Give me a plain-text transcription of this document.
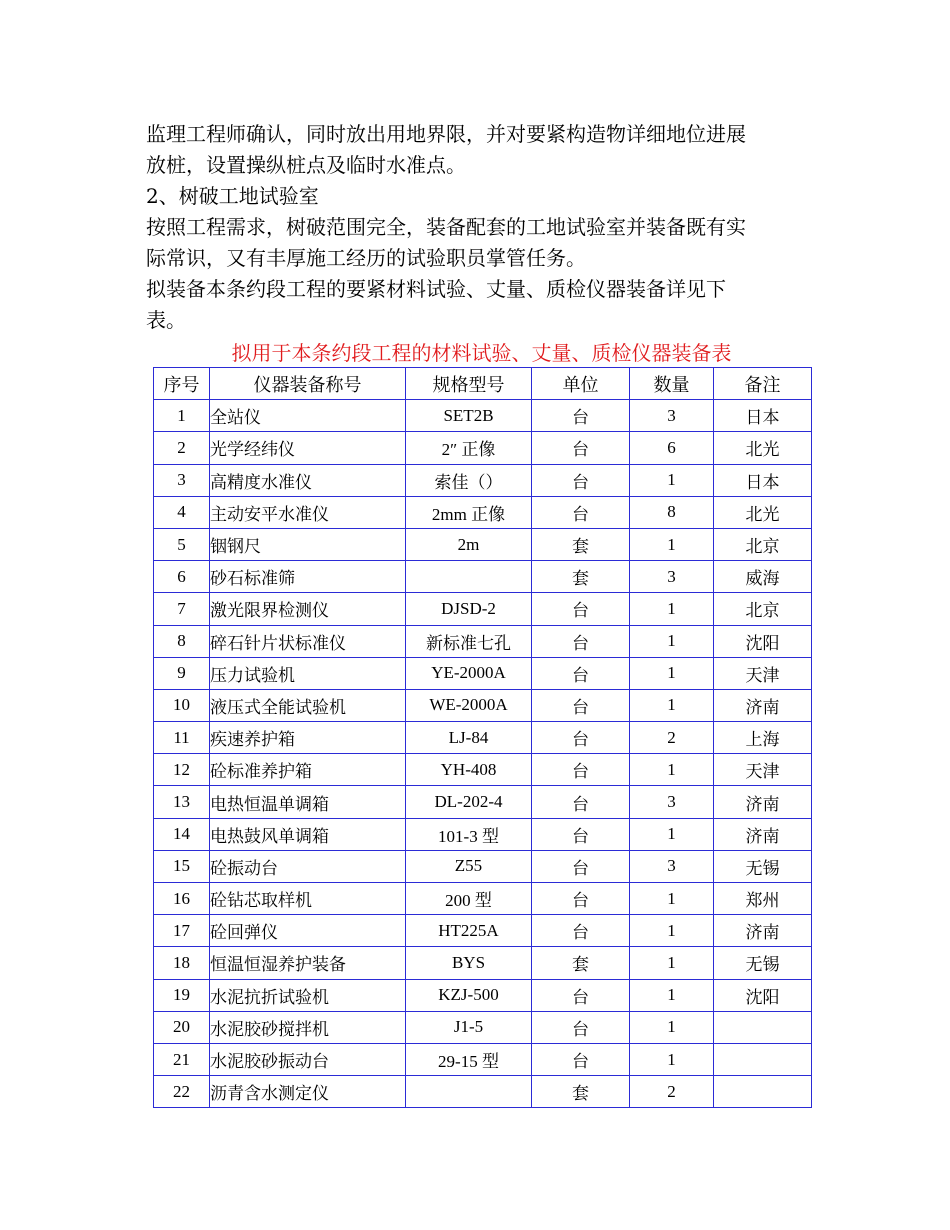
监理工程师确认，同时放出用地界限，并对要紧构造物详细地位进展
放桩，设置操纵桩点及临时水准点。
2、树破工地试验室
按照工程需求，树破范围完全，装备配套的工地试验室并装备既有实
际常识，又有丰厚施工经历的试验职员掌管任务。
拟装备本条约段工程的要紧材料试验、丈量、质检仪器装备详见下
表。
拟用于本条约段工程的材料试验、丈量、质检仪器装备表
序号	仪器装备称号	规格型号	单位	数量	备注
1	全站仪	SET2B	台	3	日本
2	光学经纬仪	2″ 正像	台	6	北光
3	高精度水准仪	索佳（）	台	1	日本
4	主动安平水准仪	2mm 正像	台	8	北光
5	铟钢尺	2m	套	1	北京
6	砂石标准筛		套	3	威海
7	激光限界检测仪	DJSD-2	台	1	北京
8	碎石针片状标准仪	新标准七孔	台	1	沈阳
9	压力试验机	YE-2000A	台	1	天津
10	液压式全能试验机	WE-2000A	台	1	济南
11	疾速养护箱	LJ-84	台	2	上海
12	砼标准养护箱	YH-408	台	1	天津
13	电热恒温单调箱	DL-202-4	台	3	济南
14	电热鼓风单调箱	101-3 型	台	1	济南
15	砼振动台	Z55	台	3	无锡
16	砼钻芯取样机	200 型	台	1	郑州
17	砼回弹仪	HT225A	台	1	济南
18	恒温恒湿养护装备	BYS	套	1	无锡
19	水泥抗折试验机	KZJ-500	台	1	沈阳
20	水泥胶砂搅拌机	J1-5	台	1	
21	水泥胶砂振动台	29-15 型	台	1	
22	沥青含水测定仪		套	2	
